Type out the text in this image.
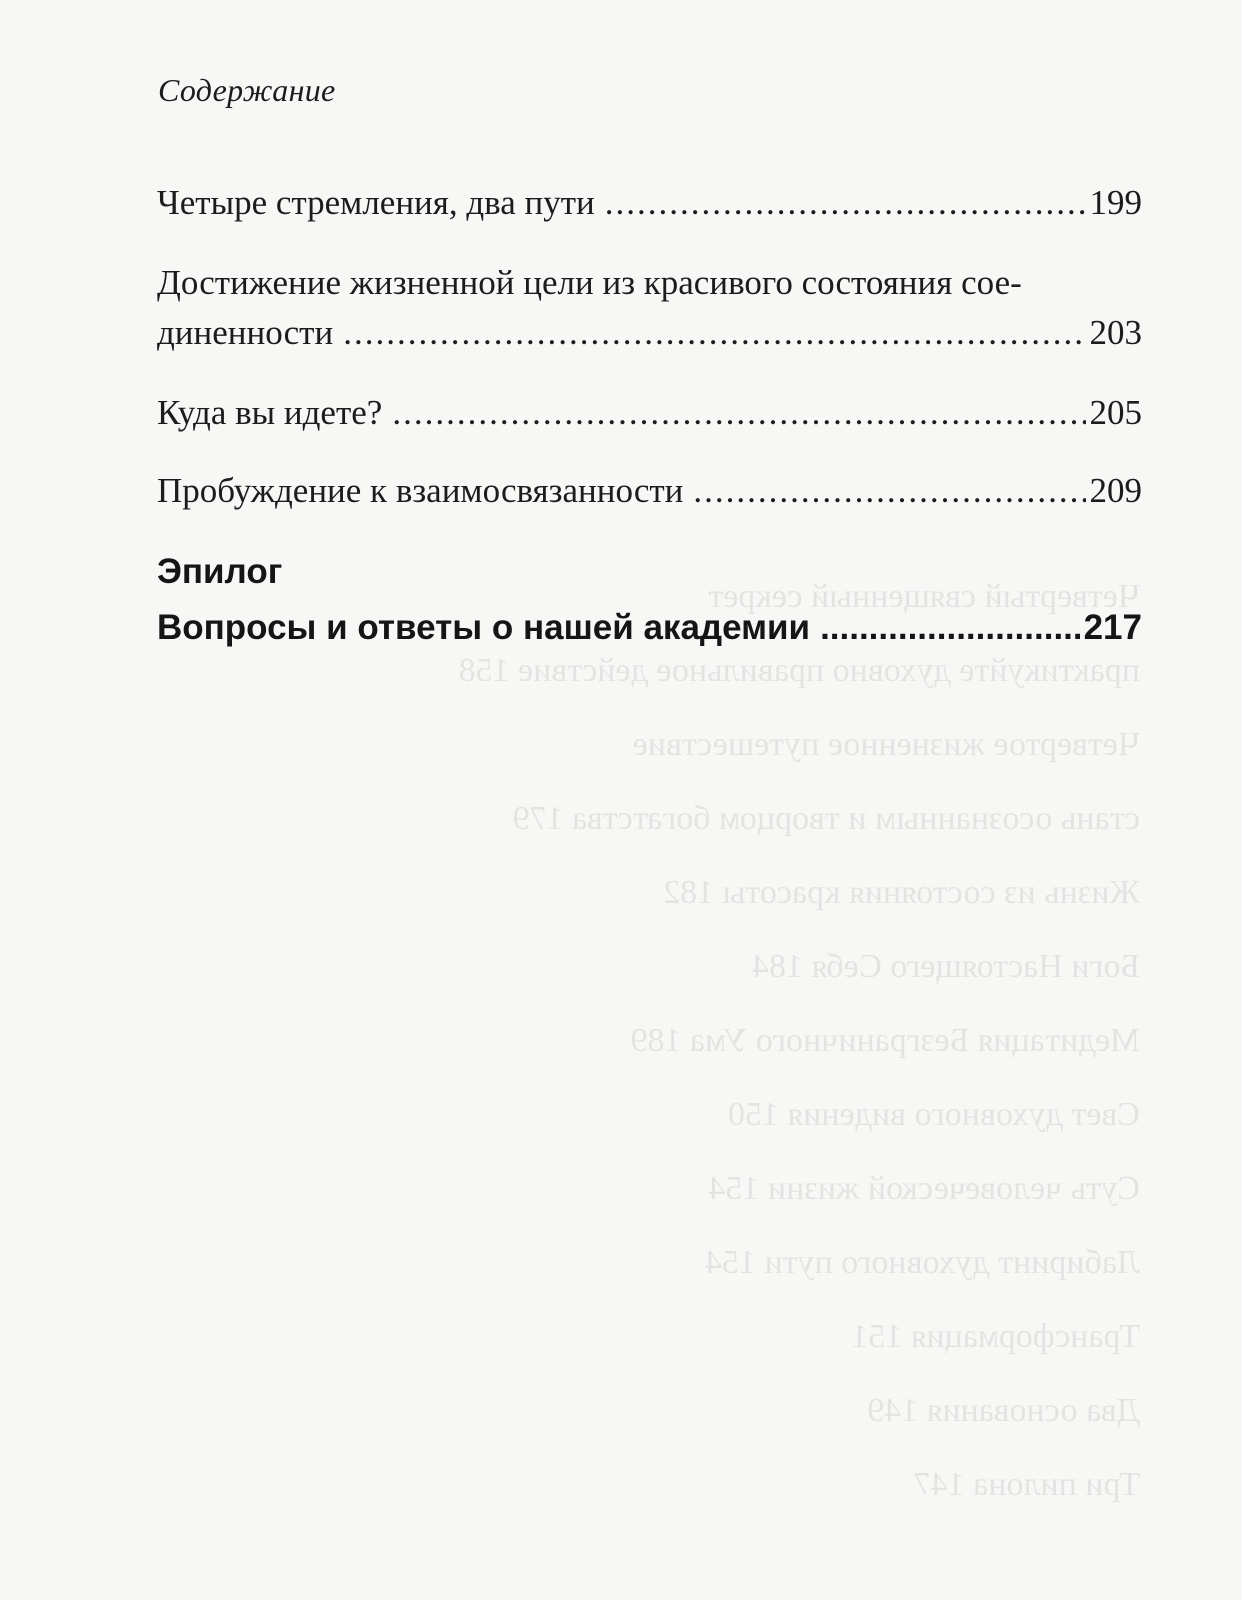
Четвертый священный секрет
практикуйте духовно правильное действие 158
Четвертое жизненное путешествие
стань осознанным и творцом богатства 179
Жизнь из состояния красоты 182
Боги Настоящего Себя 184
Медитация Безграничного Ума 189
Свет духовного видения 150
Суть человеческой жизни 154
Лабиринт духовного пути 154
Трансформация 151
Два основания 149
Три пилона 147
Содержание
Четыре стремления, два пути .....	199
Достижение жизненной цели из красивого состояния сое-
диненности .....	203
Куда вы идете? .....	205
Пробуждение к взаимосвязанности .....	209
Эпилог
Вопросы и ответы о нашей академии .....	217
